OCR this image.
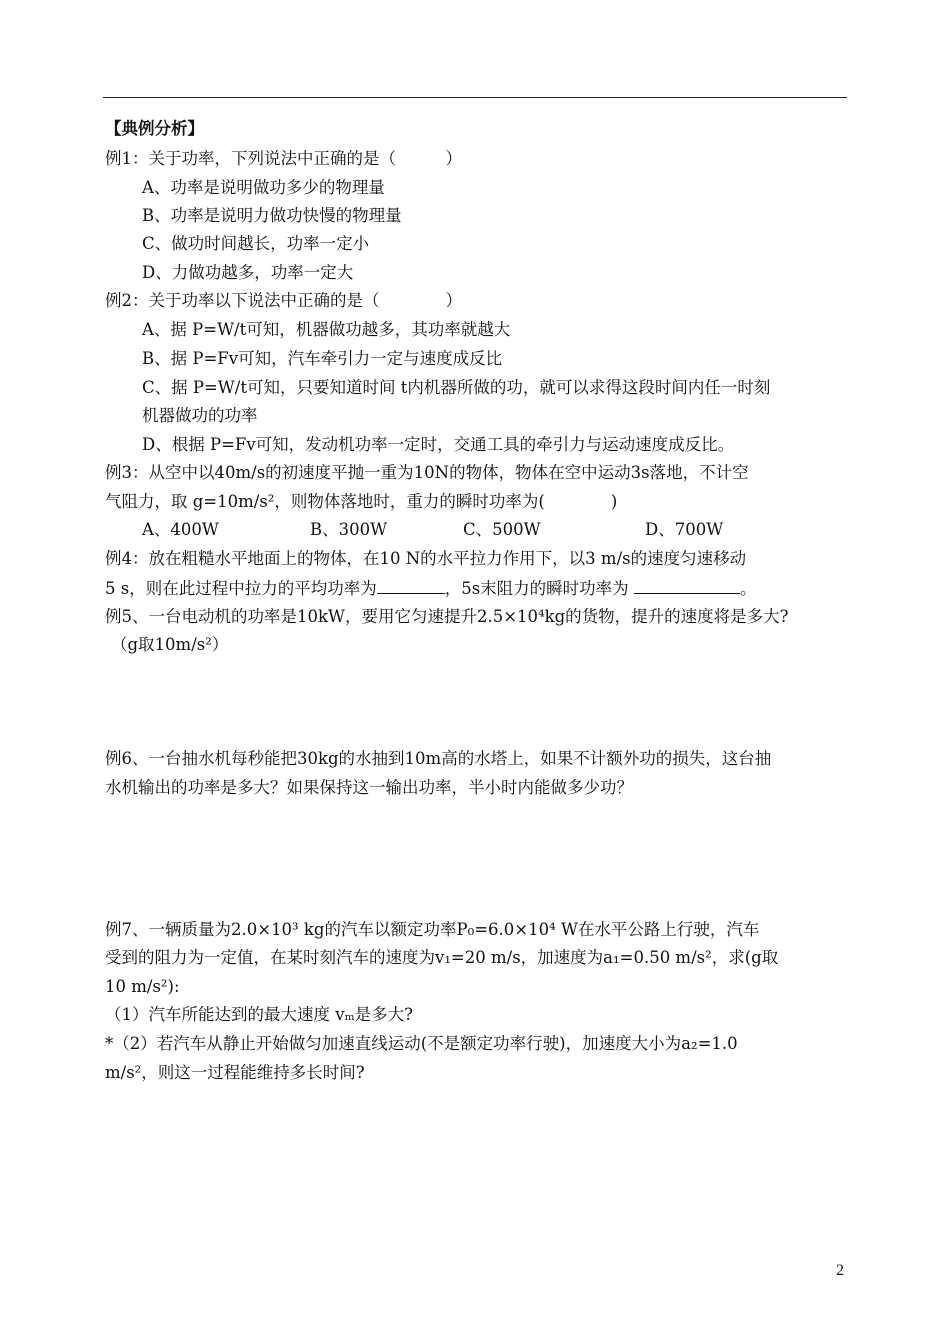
【典例分析】
例1：关于功率，下列说法中正确的是（　　　）
A、功率是说明做功多少的物理量
B、功率是说明力做功快慢的物理量
C、做功时间越长，功率一定小
D、力做功越多，功率一定大
例2：关于功率以下说法中正确的是（　　　　）
A、据 P=W/t可知，机器做功越多，其功率就越大
B、据 P=Fv可知，汽车牵引力一定与速度成反比
C、据 P=W/t可知，只要知道时间 t内机器所做的功，就可以求得这段时间内任一时刻
机器做功的功率
D、根据 P=Fv可知，发动机功率一定时，交通工具的牵引力与运动速度成反比。
例3：从空中以40m/s的初速度平抛一重为10N的物体，物体在空中运动3s落地，不计空
气阻力，取 g=10m/s²，则物体落地时，重力的瞬时功率为(　　　　)
A、400W	B、300W	C、500W	D、700W
例4：放在粗糙水平地面上的物体，在10 N的水平拉力作用下，以3 m/s的速度匀速移动
5 s，则在此过程中拉力的平均功率为	，5s末阻力的瞬时功率为	。
例5、一台电动机的功率是10kW，要用它匀速提升2.5×10⁴kg的货物，提升的速度将是多大?
（g取10m/s²）
例6、一台抽水机每秒能把30kg的水抽到10m高的水塔上，如果不计额外功的损失，这台抽
水机输出的功率是多大？如果保持这一输出功率，半小时内能做多少功？
例7、一辆质量为2.0×10³ kg的汽车以额定功率P₀=6.0×10⁴ W在水平公路上行驶，汽车
受到的阻力为一定值，在某时刻汽车的速度为v₁=20 m/s，加速度为a₁=0.50 m/s²，求(g取
10 m/s²):
（1）汽车所能达到的最大速度 vₘ是多大?
*（2）若汽车从静止开始做匀加速直线运动(不是额定功率行驶)，加速度大小为a₂=1.0
m/s²，则这一过程能维持多长时间?
2
